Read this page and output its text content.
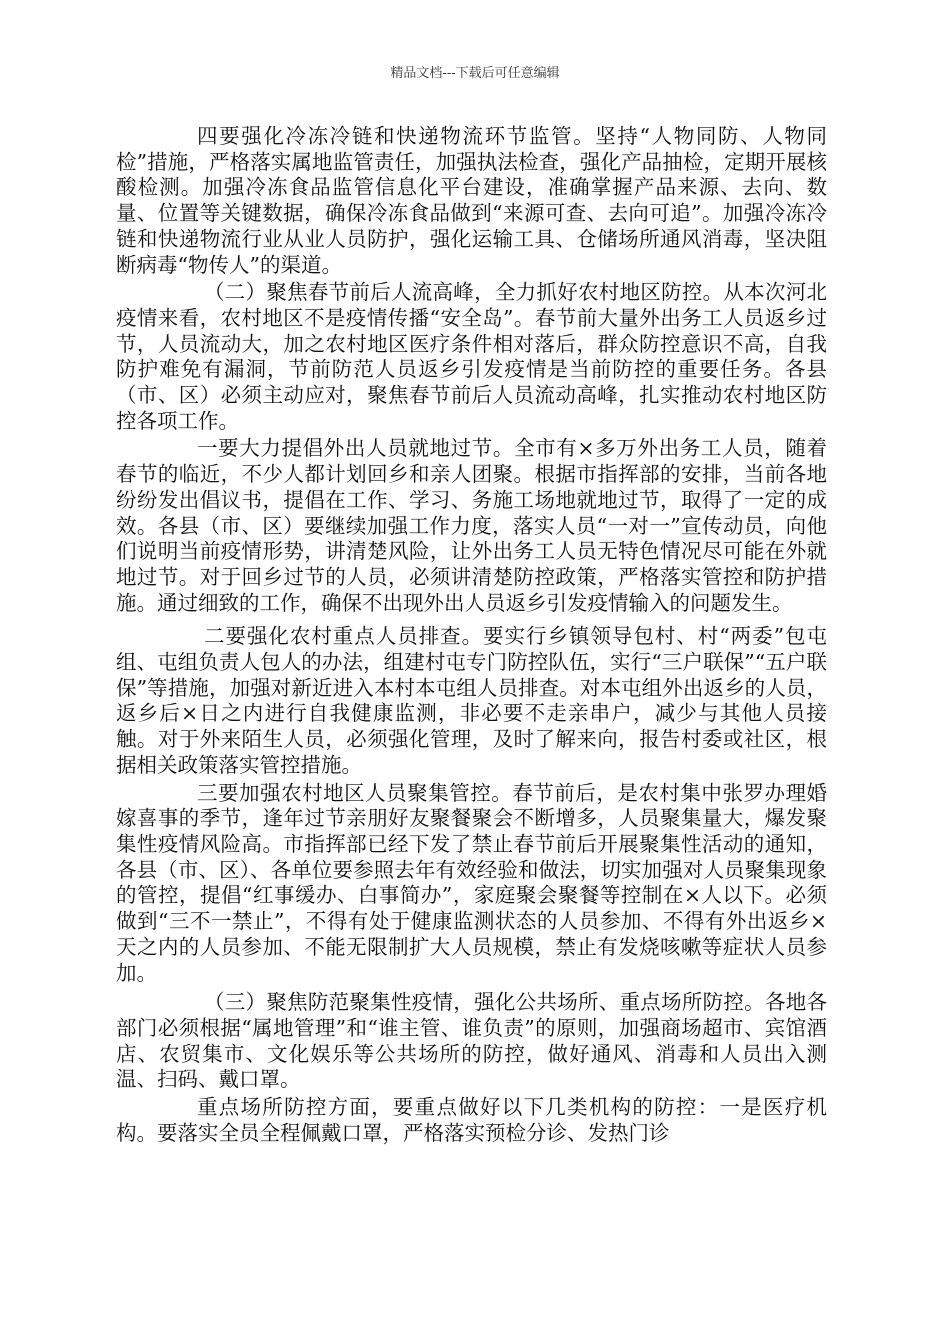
精品文档---下载后可任意编辑

四要强化冷冻冷链和快递物流环节监管。坚持“人物同防、人物同检”措施，严格落实属地监管责任，加强执法检查，强化产品抽检，定期开展核酸检测。加强冷冻食品监管信息化平台建设，准确掌握产品来源、去向、数量、位置等关键数据，确保冷冻食品做到“来源可查、去向可追”。加强冷冻冷链和快递物流行业从业人员防护，强化运输工具、仓储场所通风消毒，坚决阻断病毒“物传人”的渠道。

（二）聚焦春节前后人流高峰，全力抓好农村地区防控。从本次河北疫情来看，农村地区不是疫情传播“安全岛”。春节前大量外出务工人员返乡过节，人员流动大，加之农村地区医疗条件相对落后，群众防控意识不高，自我防护难免有漏洞，节前防范人员返乡引发疫情是当前防控的重要任务。各县（市、区）必须主动应对，聚焦春节前后人员流动高峰，扎实推动农村地区防控各项工作。

一要大力提倡外出人员就地过节。全市有×多万外出务工人员，随着春节的临近，不少人都计划回乡和亲人团聚。根据市指挥部的安排，当前各地纷纷发出倡议书，提倡在工作、学习、务施工场地就地过节，取得了一定的成效。各县（市、区）要继续加强工作力度，落实人员“一对一”宣传动员，向他们说明当前疫情形势，讲清楚风险，让外出务工人员无特色情况尽可能在外就地过节。对于回乡过节的人员，必须讲清楚防控政策，严格落实管控和防护措施。通过细致的工作，确保不出现外出人员返乡引发疫情输入的问题发生。

二要强化农村重点人员排查。要实行乡镇领导包村、村“两委”包屯组、屯组负责人包人的办法，组建村屯专门防控队伍，实行“三户联保”“五户联保”等措施，加强对新近进入本村本屯组人员排查。对本屯组外出返乡的人员，返乡后×日之内进行自我健康监测，非必要不走亲串户，减少与其他人员接触。对于外来陌生人员，必须强化管理，及时了解来向，报告村委或社区，根据相关政策落实管控措施。

三要加强农村地区人员聚集管控。春节前后，是农村集中张罗办理婚嫁喜事的季节，逢年过节亲朋好友聚餐聚会不断增多，人员聚集量大，爆发聚集性疫情风险高。市指挥部已经下发了禁止春节前后开展聚集性活动的通知，各县（市、区）、各单位要参照去年有效经验和做法，切实加强对人员聚集现象的管控，提倡“红事缓办、白事简办”，家庭聚会聚餐等控制在×人以下。必须做到“三不一禁止”，不得有处于健康监测状态的人员参加、不得有外出返乡×天之内的人员参加、不能无限制扩大人员规模，禁止有发烧咳嗽等症状人员参加。

（三）聚焦防范聚集性疫情，强化公共场所、重点场所防控。各地各部门必须根据“属地管理”和“谁主管、谁负责”的原则，加强商场超市、宾馆酒店、农贸集市、文化娱乐等公共场所的防控，做好通风、消毒和人员出入测温、扫码、戴口罩。

重点场所防控方面，要重点做好以下几类机构的防控：一是医疗机构。要落实全员全程佩戴口罩，严格落实预检分诊、发热门诊
